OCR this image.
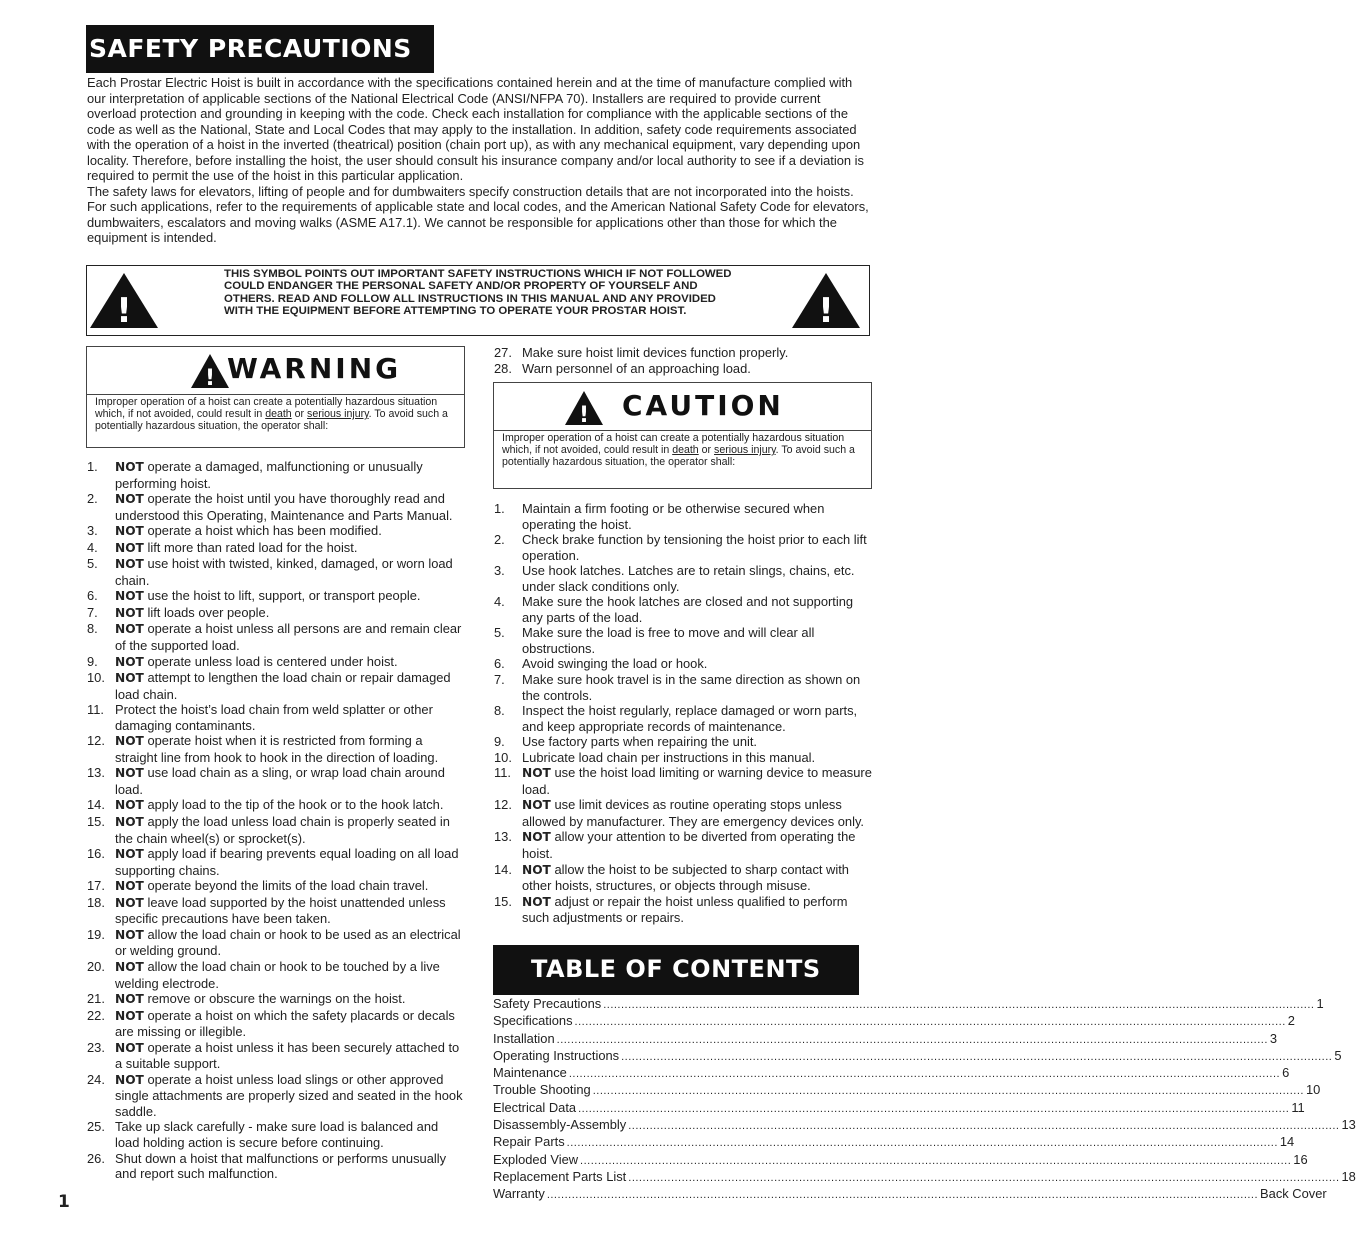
SAFETY PRECAUTIONS

Each Prostar Electric Hoist is built in accordance with the specifications contained herein and at the time of manufacture complied with our interpretation of applicable sections of the National Electrical Code (ANSI/NFPA 70). Installers are required to provide current overload protection and grounding in keeping with the code. Check each installation for compliance with the applicable sections of the code as well as the National, State and Local Codes that may apply to the installation. In addition, safety code requirements associated with the operation of a hoist in the inverted (theatrical) position (chain port up), as with any mechanical equipment, vary depending upon locality. Therefore, before installing the hoist, the user should consult his insurance company and/or local authority to see if a deviation is required to permit the use of the hoist in this particular application.

The safety laws for elevators, lifting of people and for dumbwaiters specify construction details that are not incorporated into the hoists. For such applications, refer to the requirements of applicable state and local codes, and the American National Safety Code for elevators, dumbwaiters, escalators and moving walks (ASME A17.1). We cannot be responsible for applications other than those for which the equipment is intended.

!	!
THIS SYMBOL POINTS OUT IMPORTANT SAFETY INSTRUCTIONS WHICH IF NOT FOLLOWED COULD ENDANGER THE PERSONAL SAFETY AND/OR PROPERTY OF YOURSELF AND OTHERS. READ AND FOLLOW ALL INSTRUCTIONS IN THIS MANUAL AND ANY PROVIDED WITH THE EQUIPMENT BEFORE ATTEMPTING TO OPERATE YOUR PROSTAR HOIST.
! WARNING
Improper operation of a hoist can create a potentially hazardous situation which, if not avoided, could result in death or serious injury. To avoid such a potentially hazardous situation, the operator shall:
1. NOT operate a damaged, malfunctioning or unusually performing hoist.
2. NOT operate the hoist until you have thoroughly read and understood this Operating, Maintenance and Parts Manual.
3. NOT operate a hoist which has been modified.
4. NOT lift more than rated load for the hoist.
5. NOT use hoist with twisted, kinked, damaged, or worn load chain.
6. NOT use the hoist to lift, support, or transport people.
7. NOT lift loads over people.
8. NOT operate a hoist unless all persons are and remain clear of the supported load.
9. NOT operate unless load is centered under hoist.
10. NOT attempt to lengthen the load chain or repair damaged load chain.
11. Protect the hoist’s load chain from weld splatter or other damaging contaminants.
12. NOT operate hoist when it is restricted from forming a straight line from hook to hook in the direction of loading.
13. NOT use load chain as a sling, or wrap load chain around load.
14. NOT apply load to the tip of the hook or to the hook latch.
15. NOT apply the load unless load chain is properly seated in the chain wheel(s) or sprocket(s).
16. NOT apply load if bearing prevents equal loading on all load supporting chains.
17. NOT operate beyond the limits of the load chain travel.
18. NOT leave load supported by the hoist unattended unless specific precautions have been taken.
19. NOT allow the load chain or hook to be used as an electrical or welding ground.
20. NOT allow the load chain or hook to be touched by a live welding electrode.
21. NOT remove or obscure the warnings on the hoist.
22. NOT operate a hoist on which the safety placards or decals are missing or illegible.
23. NOT operate a hoist unless it has been securely attached to a suitable support.
24. NOT operate a hoist unless load slings or other approved single attachments are properly sized and seated in the hook saddle.
25. Take up slack carefully - make sure load is balanced and load holding action is secure before continuing.
26. Shut down a hoist that malfunctions or performs unusually and report such malfunction.
27. Make sure hoist limit devices function properly.
28. Warn personnel of an approaching load.
! CAUTION
Improper operation of a hoist can create a potentially hazardous situation which, if not avoided, could result in death or serious injury. To avoid such a potentially hazardous situation, the operator shall:
1. Maintain a firm footing or be otherwise secured when operating the hoist.
2. Check brake function by tensioning the hoist prior to each lift operation.
3. Use hook latches. Latches are to retain slings, chains, etc. under slack conditions only.
4. Make sure the hook latches are closed and not supporting any parts of the load.
5. Make sure the load is free to move and will clear all obstructions.
6. Avoid swinging the load or hook.
7. Make sure hook travel is in the same direction as shown on the controls.
8. Inspect the hoist regularly, replace damaged or worn parts, and keep appropriate records of maintenance.
9. Use factory parts when repairing the unit.
10. Lubricate load chain per instructions in this manual.
11. NOT use the hoist load limiting or warning device to measure load.
12. NOT use limit devices as routine operating stops unless allowed by manufacturer. They are emergency devices only.
13. NOT allow your attention to be diverted from operating the hoist.
14. NOT allow the hoist to be subjected to sharp contact with other hoists, structures, or objects through misuse.
15. NOT adjust or repair the hoist unless qualified to perform such adjustments or repairs.
TABLE OF CONTENTS
Safety Precautions ........................................................................................................................................................................................................ 1
Specifications ........................................................................................................................................................................................................ 2
Installation ........................................................................................................................................................................................................ 3
Operating Instructions ........................................................................................................................................................................................................ 5
Maintenance ........................................................................................................................................................................................................ 6
Trouble Shooting ........................................................................................................................................................................................................ 10
Electrical Data ........................................................................................................................................................................................................ 11
Disassembly-Assembly ........................................................................................................................................................................................................ 13
Repair Parts ........................................................................................................................................................................................................ 14
Exploded View ........................................................................................................................................................................................................ 16
Replacement Parts List ........................................................................................................................................................................................................ 18
Warranty ........................................................................................................................................................................................................ Back Cover
1
